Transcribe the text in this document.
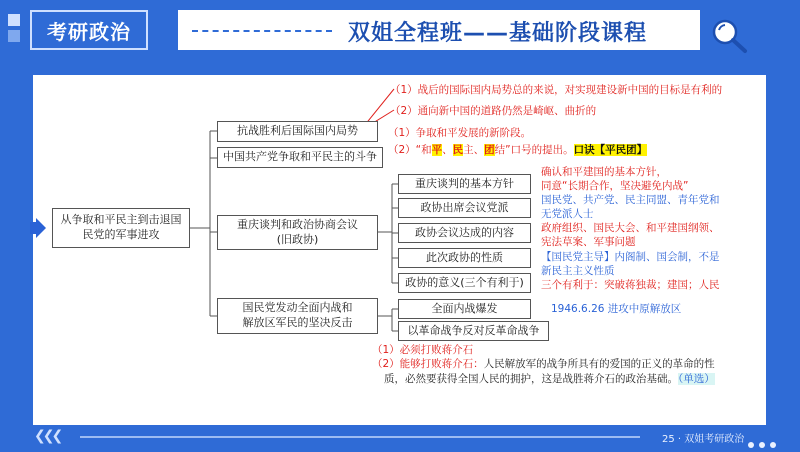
考研政治	双姐全程班——基础阶段课程
从争取和平民主到击退国民党的军事进攻
抗战胜利后国际国内局势
中国共产党争取和平民主的斗争
重庆谈判和政治协商会议
(旧政协)
国民党发动全面内战和
解放区军民的坚决反击
重庆谈判的基本方针
政协出席会议党派
政协会议达成的内容
此次政协的性质
政协的意义(三个有利于)
全面内战爆发
以革命战争反对反革命战争
（1）战后的国际国内局势总的来说，对实现建设新中国的目标是有利的
（2）通向新中国的道路仍然是崎岖、曲折的
（1）争取和平发展的新阶段。
（2）“和平、民主、团结”口号的提出。口诀【平民团】
确认和平建国的基本方针，
同意“长期合作，坚决避免内战”
国民党、共产党、民主同盟、青年党和
无党派人士
政府组织、国民大会、和平建国纲领、
宪法草案、军事问题
【国民党主导】内阁制、国会制，不是
新民主主义性质
三个有利于：突破蒋独裁；建国；人民
1946.6.26 进攻中原解放区
（1）必须打败蒋介石
（2）能够打败蒋介石：人民解放军的战争所具有的爱国的正义的革命的性
质，必然要获得全国人民的拥护，这是战胜蒋介石的政治基础。（单选）
❮❮❮	25 · 双姐考研政治
